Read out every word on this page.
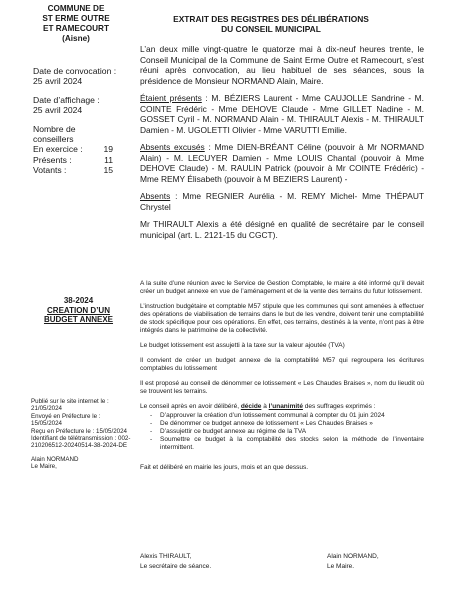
COMMUNE DE
ST ERME OUTRE
ET RAMECOURT
(Aisne)
Date de convocation :
25 avril 2024
Date d’affichage :
25 avril 2024
Nombre de
conseillers
En exercice :	19
Présents :	11
Votants :	15
EXTRAIT DES REGISTRES DES DÉLIBÉRATIONS
DU CONSEIL MUNICIPAL

L’an deux mille vingt-quatre le quatorze mai à dix-neuf heures trente, le Conseil Municipal de la Commune de Saint Erme Outre et Ramecourt, s’est réuni après convocation, au lieu habituel de ses séances, sous la présidence de Monsieur NORMAND Alain, Maire.

Étaient présents : M. BÉZIERS Laurent - Mme CAUJOLLE Sandrine - M. COINTE Frédéric - Mme DEHOVE Claude - Mme GILLET Nadine - M. GOSSET Cyril - M. NORMAND Alain - M. THIRAULT Alexis - M. THIRAULT Damien - M. UGOLETTI Olivier - Mme VARUTTI Emilie.

Absents excusés : Mme DIEN-BRÉANT Céline (pouvoir à Mr NORMAND Alain) - M. LECUYER Damien - Mme LOUIS Chantal (pouvoir à Mme DEHOVE Claude) - M. RAULIN Patrick (pouvoir à Mr COINTE Frédéric) - Mme REMY Élisabeth (pouvoir à M BEZIERS Laurent) -

Absents : Mme REGNIER Aurélia - M. REMY Michel- Mme THÉPAUT Chrystel

Mr THIRAULT Alexis a été désigné en qualité de secrétaire par le conseil municipal (art. L. 2121-15 du CGCT).

38-2024
CREATION D’UN
BUDGET ANNEXE

A la suite d’une réunion avec le Service de Gestion Comptable, le maire a été informé qu’il devait créer un budget annexe en vue de l’aménagement et de la vente des terrains du futur lotissement.

L’instruction budgétaire et comptable M57 stipule que les communes qui sont amenées à effectuer des opérations de viabilisation de terrains dans le but de les vendre, doivent tenir une comptabilité de stock spécifique pour ces opérations. En effet, ces terrains, destinés à la vente, n’ont pas à être intégrés dans le patrimoine de la collectivité.

Le budget lotissement est assujetti à la taxe sur la valeur ajoutée (TVA)

Il convient de créer un budget annexe de la comptabilité M57 qui regroupera les écritures comptables du lotissement

Il est proposé au conseil de dénommer ce lotissement « Les Chaudes Braises », nom du lieudit où se trouvent les terrains.

Le conseil après en avoir délibéré, décide à l’unanimité des suffrages exprimés :

- D’approuver la création d’un lotissement communal à compter du 01 juin 2024
- De dénommer ce budget annexe de lotissement « Les Chaudes Braises »
- D’assujettir ce budget annexe au régime de la TVA
- Soumettre ce budget à la comptabilité des stocks selon la méthode de l’inventaire intermittent.

Fait et délibéré en mairie les jours, mois et an que dessus.

Publié sur le site internet le : 21/05/2024
Envoyé en Préfecture le : 15/05/2024
Reçu en Préfecture le : 15/05/2024
Identifiant de télétransmission : 002-210206512-20240514-38-2024-DE
Alain NORMAND
Le Maire,
Alexis THIRAULT,
Le secrétaire de séance.
Alain NORMAND,
Le Maire.
